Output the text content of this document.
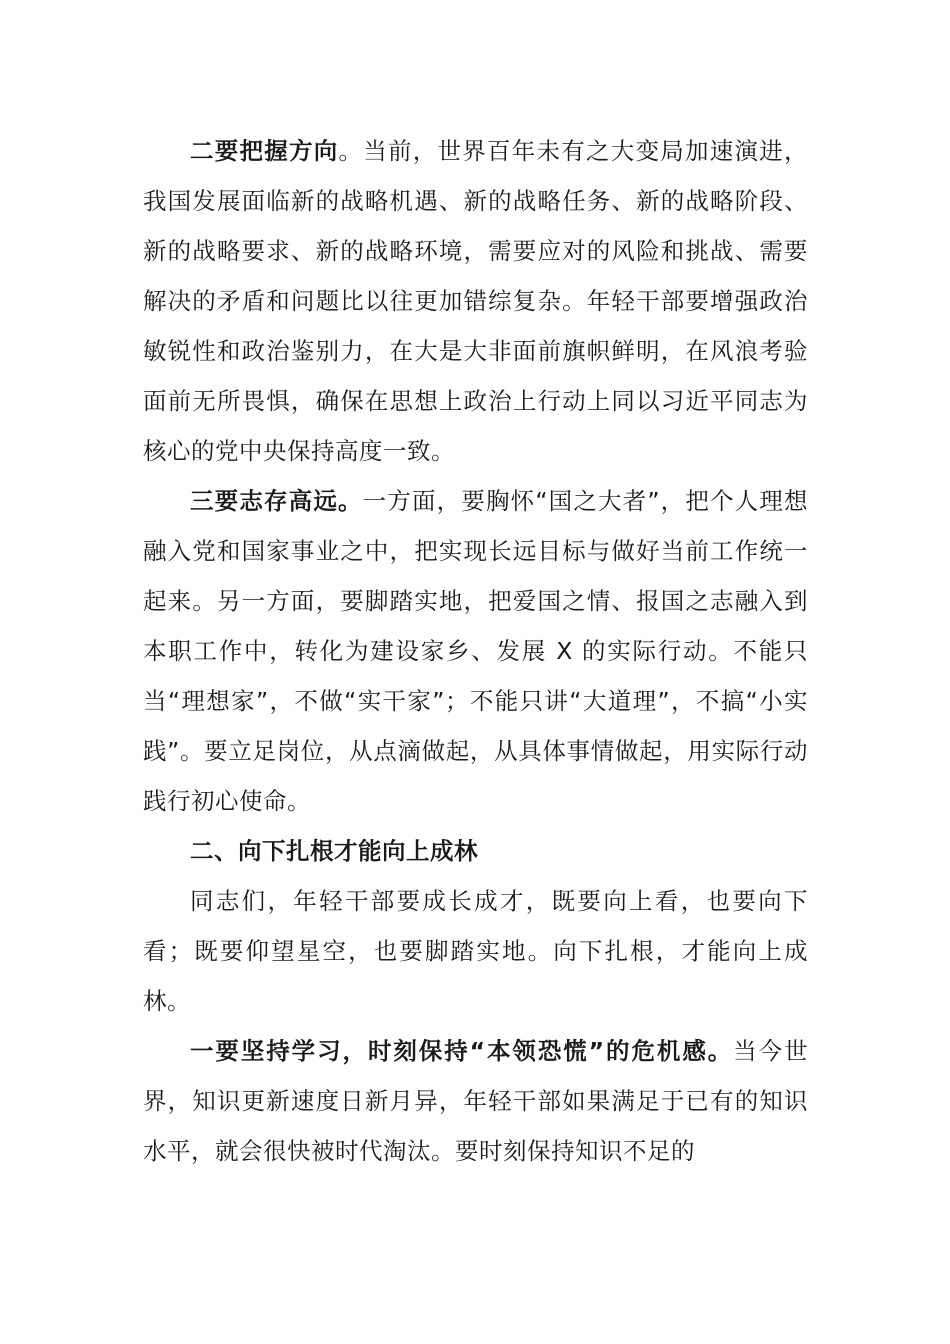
二要把握方向。当前，世界百年未有之大变局加速演进，我国发展面临新的战略机遇、新的战略任务、新的战略阶段、新的战略要求、新的战略环境，需要应对的风险和挑战、需要解决的矛盾和问题比以往更加错综复杂。年轻干部要增强政治敏锐性和政治鉴别力，在大是大非面前旗帜鲜明，在风浪考验面前无所畏惧，确保在思想上政治上行动上同以习近平同志为核心的党中央保持高度一致。

三要志存高远。一方面，要胸怀“国之大者”，把个人理想融入党和国家事业之中，把实现长远目标与做好当前工作统一起来。另一方面，要脚踏实地，把爱国之情、报国之志融入到本职工作中，转化为建设家乡、发展 X 的实际行动。不能只当“理想家”，不做“实干家”；不能只讲“大道理”，不搞“小实践”。要立足岗位，从点滴做起，从具体事情做起，用实际行动践行初心使命。

二、向下扎根才能向上成林

同志们，年轻干部要成长成才，既要向上看，也要向下看；既要仰望星空，也要脚踏实地。向下扎根，才能向上成林。

一要坚持学习，时刻保持“本领恐慌”的危机感。当今世界，知识更新速度日新月异，年轻干部如果满足于已有的知识水平，就会很快被时代淘汰。要时刻保持知识不足的
